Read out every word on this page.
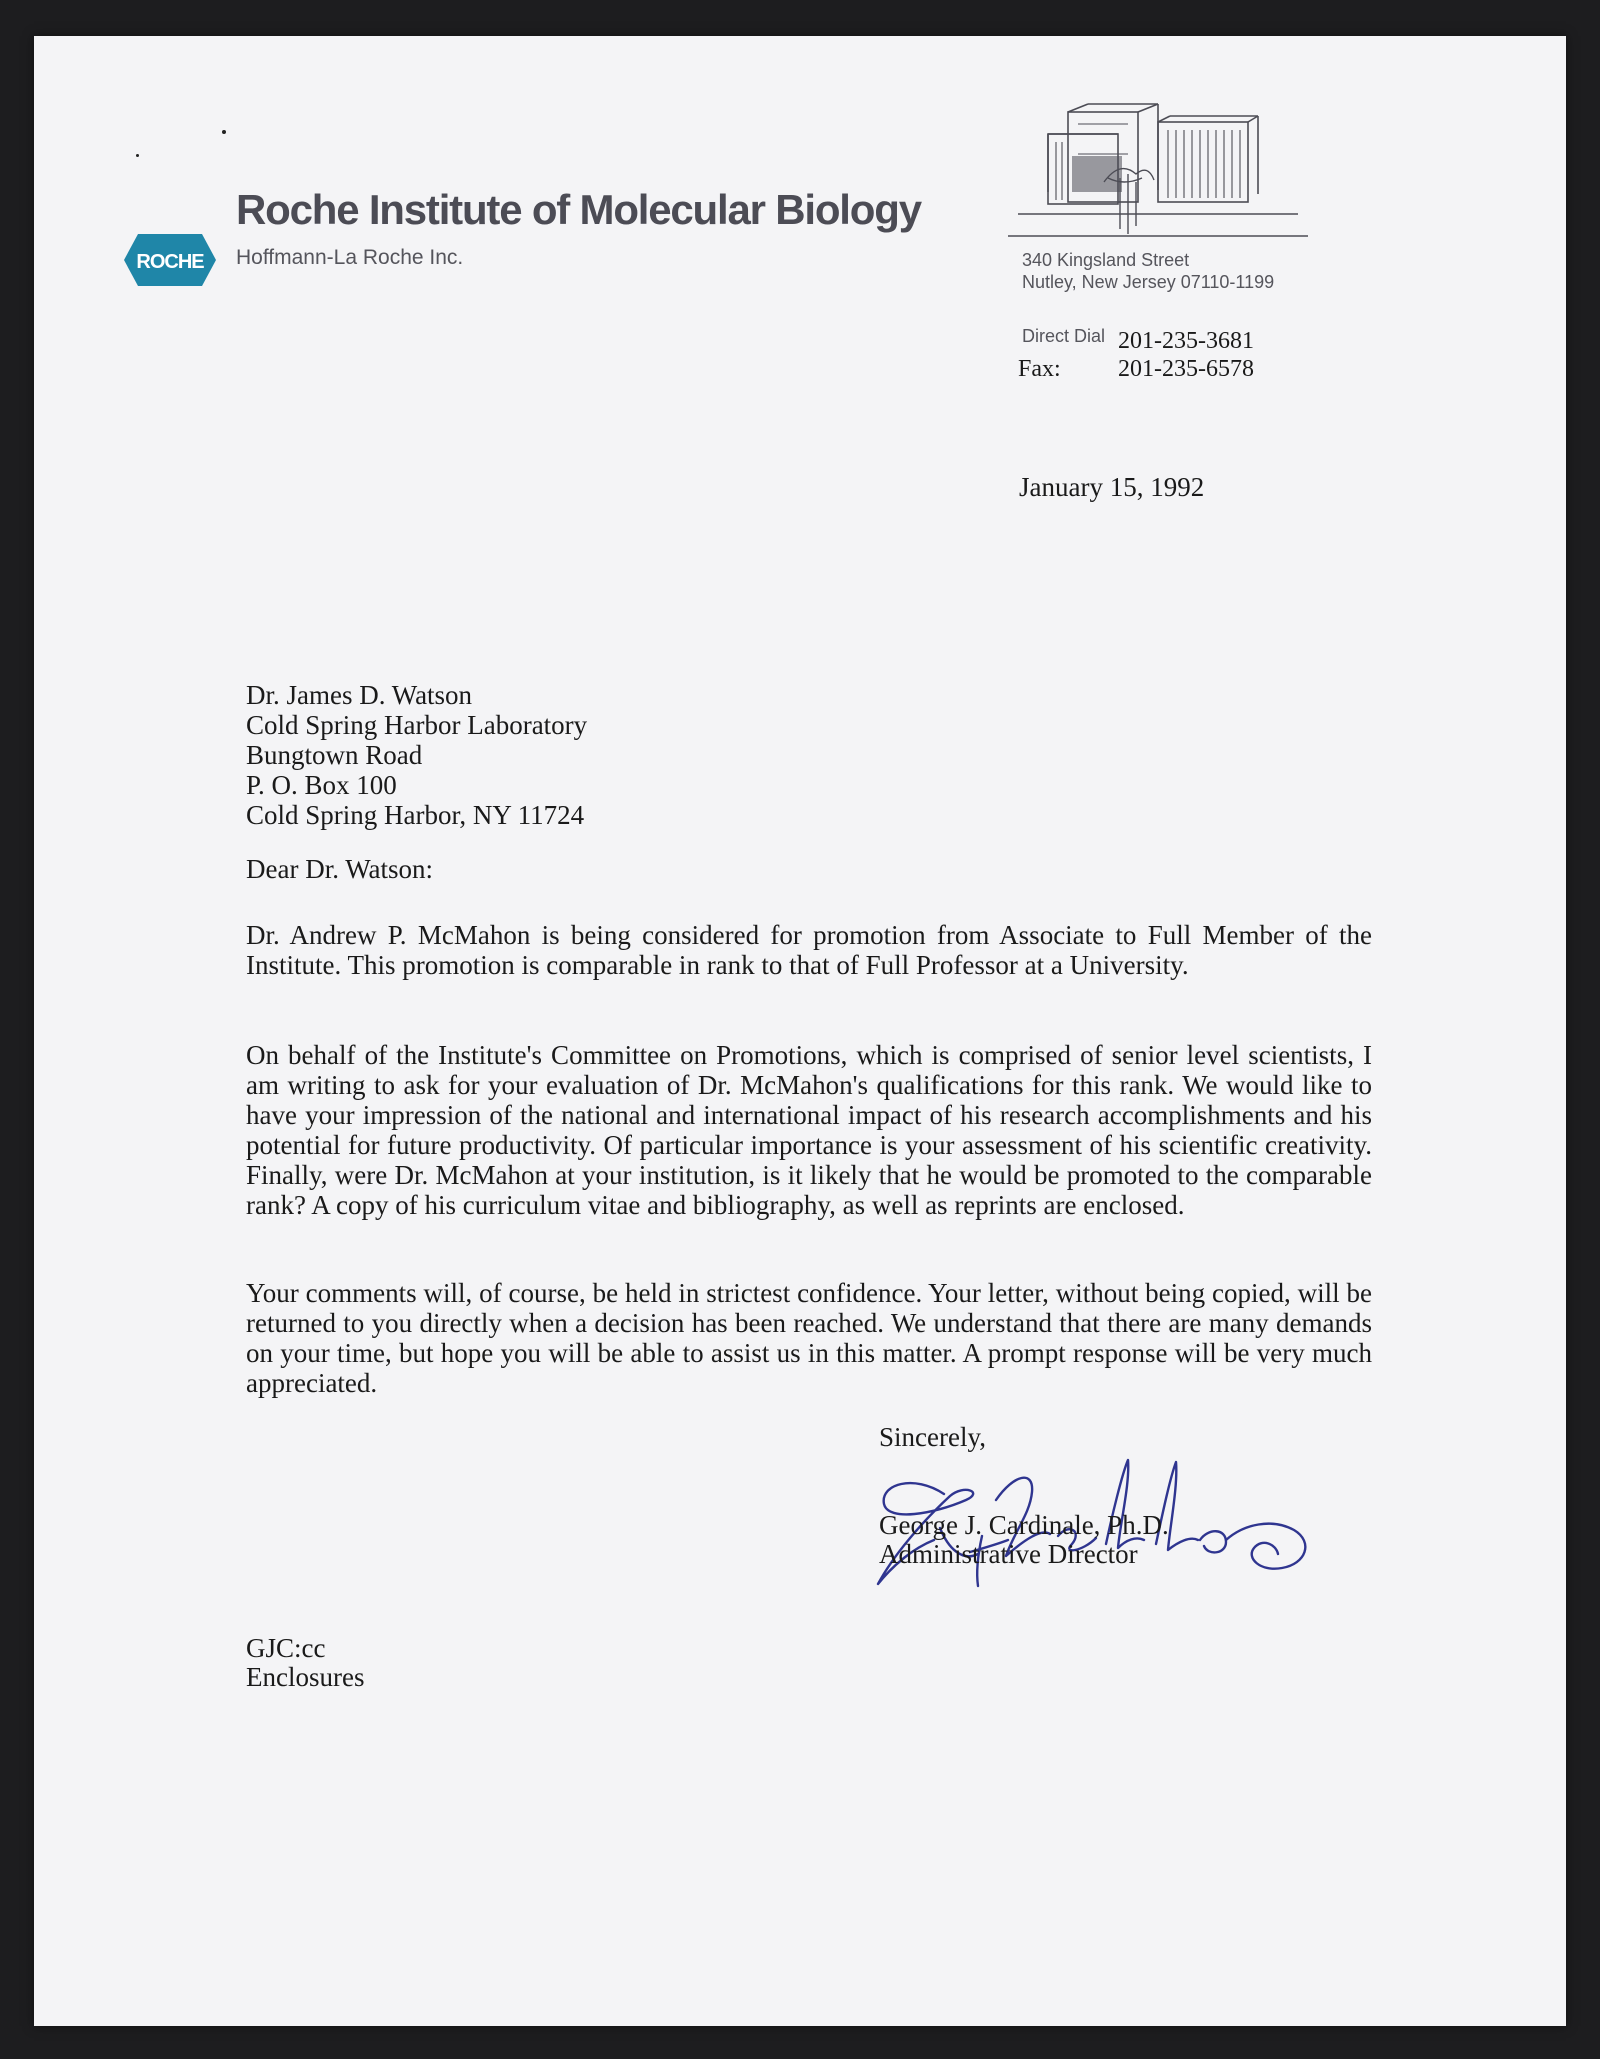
ROCHE
Roche Institute of Molecular Biology
Hoffmann-La Roche Inc.	340 Kingsland Street
Nutley, New Jersey 07110-1199
Direct Dial 201-235-3681
Fax: 201-235-6578
January 15, 1992
Dr. James D. Watson
Cold Spring Harbor Laboratory
Bungtown Road
P. O. Box 100
Cold Spring Harbor, NY 11724
Dear Dr. Watson:
Dr. Andrew P. McMahon is being considered for promotion from Associate to Full Member of the Institute. This promotion is comparable in rank to that of Full Professor at a University.
On behalf of the Institute's Committee on Promotions, which is comprised of senior level scientists, I am writing to ask for your evaluation of Dr. McMahon's qualifications for this rank. We would like to have your impression of the national and international impact of his research accomplishments and his potential for future productivity. Of particular importance is your assessment of his scientific creativity. Finally, were Dr. McMahon at your institution, is it likely that he would be promoted to the comparable rank? A copy of his curriculum vitae and bibliography, as well as reprints are enclosed.
Your comments will, of course, be held in strictest confidence. Your letter, without being copied, will be returned to you directly when a decision has been reached. We understand that there are many demands on your time, but hope you will be able to assist us in this matter. A prompt response will be very much appreciated.
Sincerely,
George J. Cardinale, Ph.D.
Administrative Director
GJC:cc
Enclosures
